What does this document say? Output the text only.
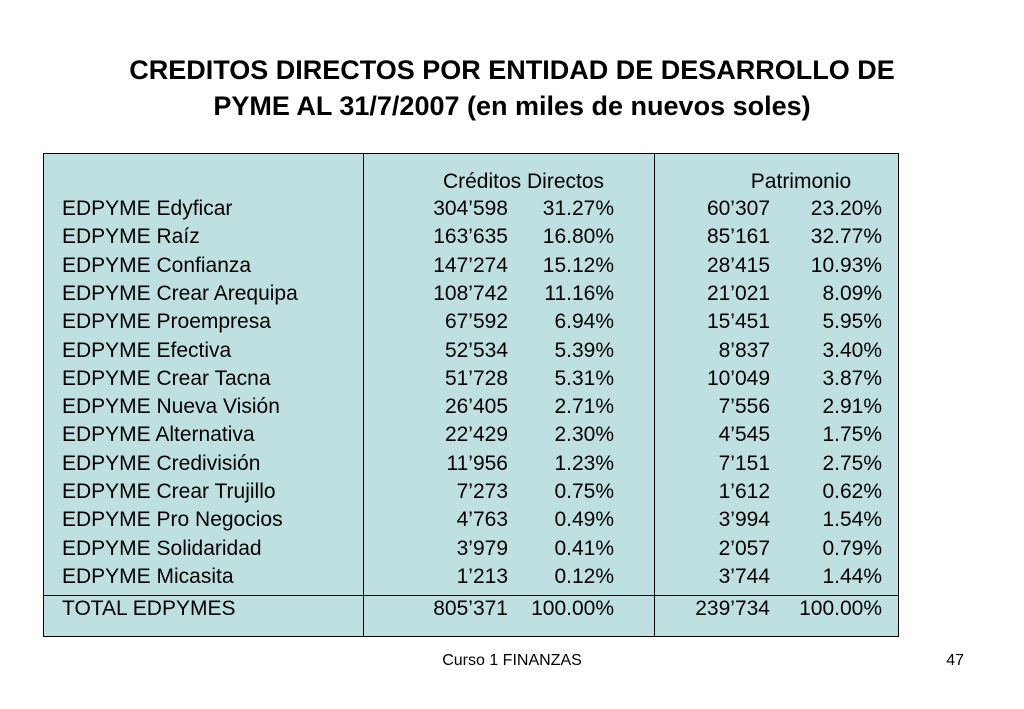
CREDITOS DIRECTOS POR ENTIDAD DE DESARROLLO DE
PYME AL 31/7/2007 (en miles de nuevos soles)
Créditos Directos	Patrimonio
EDPYME Edyficar	304’598	31.27%	60’307	23.20%
EDPYME Raíz	163’635	16.80%	85’161	32.77%
EDPYME Confianza	147’274	15.12%	28’415	10.93%
EDPYME Crear Arequipa	108’742	11.16%	21’021	8.09%
EDPYME Proempresa	67’592	6.94%	15’451	5.95%
EDPYME Efectiva	52’534	5.39%	8’837	3.40%
EDPYME Crear Tacna	51’728	5.31%	10’049	3.87%
EDPYME Nueva Visión	26’405	2.71%	7’556	2.91%
EDPYME Alternativa	22’429	2.30%	4’545	1.75%
EDPYME Credivisión	11’956	1.23%	7’151	2.75%
EDPYME Crear Trujillo	7’273	0.75%	1’612	0.62%
EDPYME Pro Negocios	4’763	0.49%	3’994	1.54%
EDPYME Solidaridad	3’979	0.41%	2’057	0.79%
EDPYME Micasita	1’213	0.12%	3’744	1.44%
TOTAL EDPYMES	805’371	100.00%	239’734	100.00%
Curso 1 FINANZAS	47
